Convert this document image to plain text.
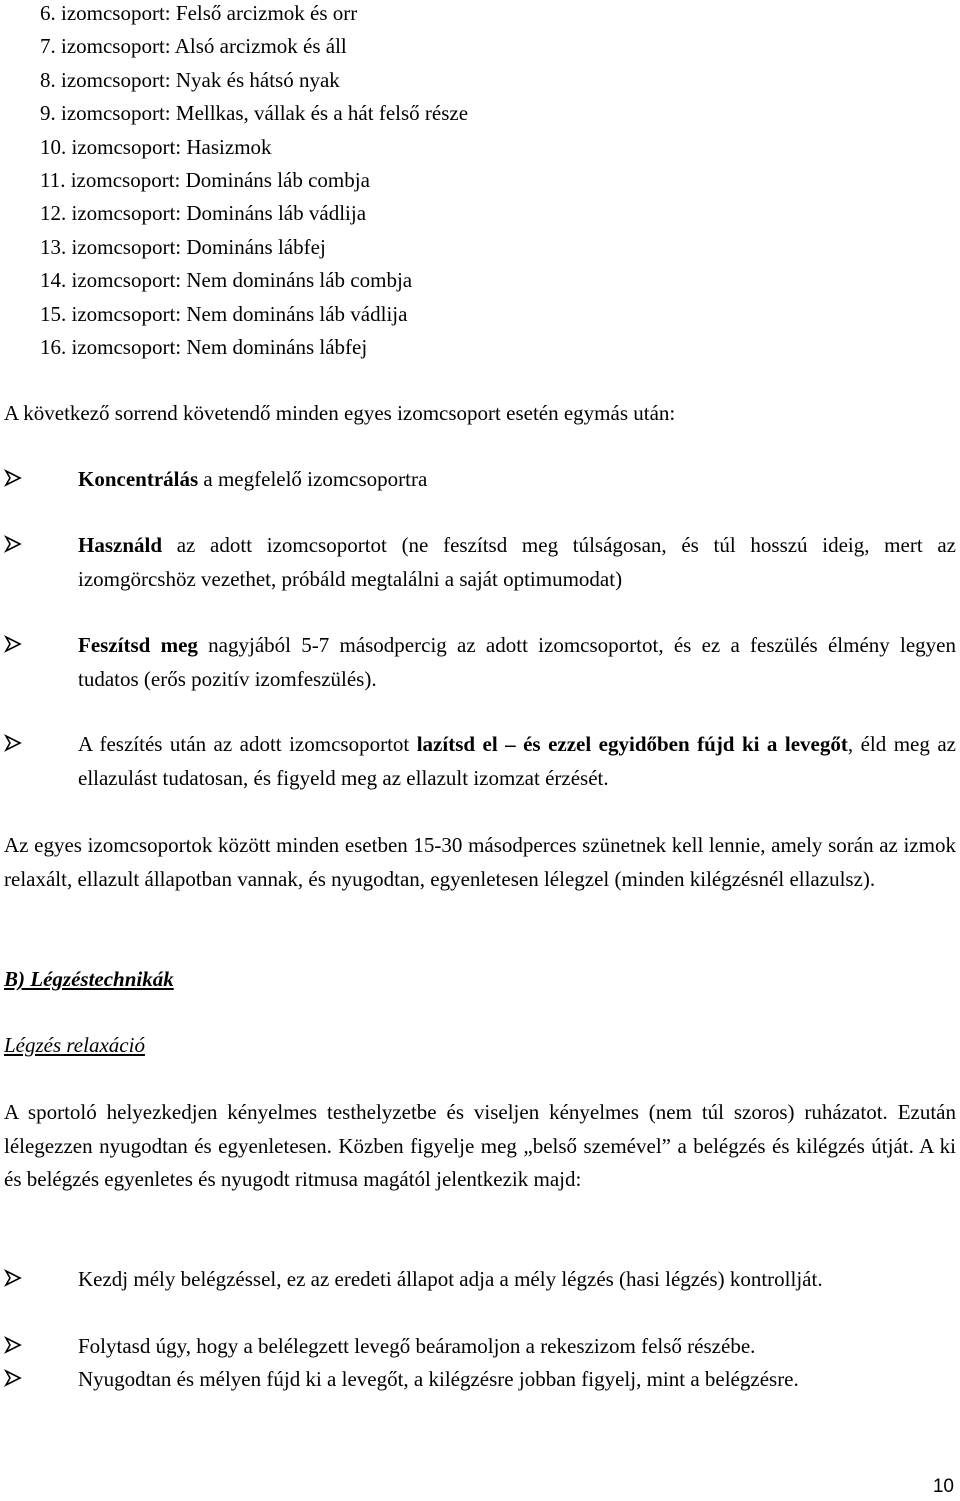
6. izomcsoport: Felső arcizmok és orr
7. izomcsoport: Alsó arcizmok és áll
8. izomcsoport: Nyak és hátsó nyak
9. izomcsoport: Mellkas, vállak és a hát felső része
10. izomcsoport: Hasizmok
11. izomcsoport: Domináns láb combja
12. izomcsoport: Domináns láb vádlija
13. izomcsoport: Domináns lábfej
14. izomcsoport: Nem domináns láb combja
15. izomcsoport: Nem domináns láb vádlija
16. izomcsoport: Nem domináns lábfej
A következő sorrend követendő minden egyes izomcsoport esetén egymás után:
Koncentrálás a megfelelő izomcsoportra
Használd az adott izomcsoportot (ne feszítsd meg túlságosan, és túl hosszú ideig, mert az izomgörcshöz vezethet, próbáld megtalálni a saját optimumodat)
Feszítsd meg nagyjából 5-7 másodpercig az adott izomcsoportot, és ez a feszülés élmény legyen tudatos (erős pozitív izomfeszülés).
A feszítés után az adott izomcsoportot lazítsd el – és ezzel egyidőben fújd ki a levegőt, éld meg az ellazulást tudatosan, és figyeld meg az ellazult izomzat érzését.
Az egyes izomcsoportok között minden esetben 15-30 másodperces szünetnek kell lennie, amely során az izmok relaxált, ellazult állapotban vannak, és nyugodtan, egyenletesen lélegzel (minden kilégzésnél ellazulsz).
B) Légzéstechnikák
Légzés relaxáció
A sportoló helyezkedjen kényelmes testhelyzetbe és viseljen kényelmes (nem túl szoros) ruházatot. Ezután lélegezzen nyugodtan és egyenletesen. Közben figyelje meg „belső szemével” a belégzés és kilégzés útját. A ki és belégzés egyenletes és nyugodt ritmusa magától jelentkezik majd:
Kezdj mély belégzéssel, ez az eredeti állapot adja a mély légzés (hasi légzés) kontrollját.
Folytasd úgy, hogy a belélegzett levegő beáramoljon a rekeszizom felső részébe.
Nyugodtan és mélyen fújd ki a levegőt, a kilégzésre jobban figyelj, mint a belégzésre.
10
